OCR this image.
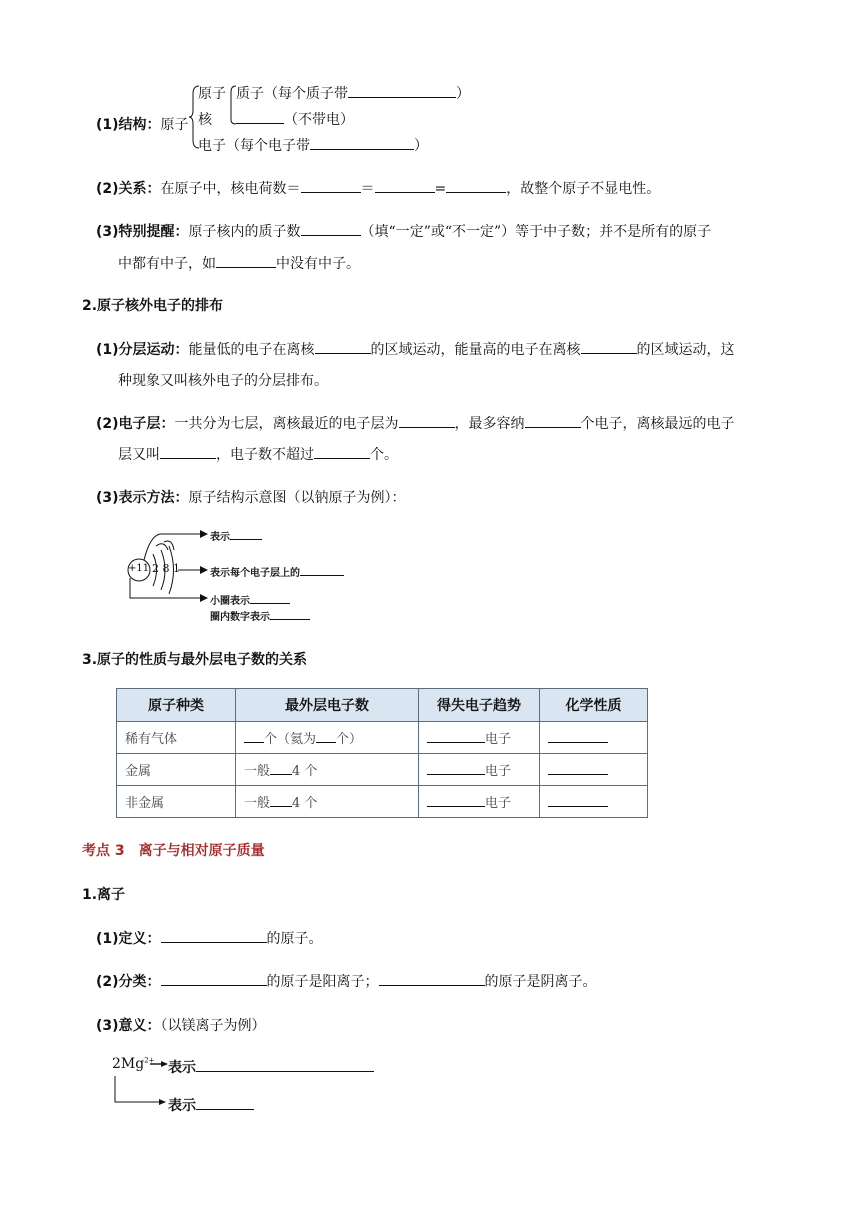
(1)结构：原子
原子
核
质子（每个质子带	）
（不带电）
电子（每个电子带	）
(2)关系：在原子中，核电荷数＝	＝	=	，故整个原子不显电性。
(3)特别提醒：原子核内的质子数	（填“一定”或“不一定”）等于中子数；并不是所有的原子
中都有中子，如	中没有中子。
2.原子核外电子的排布
(1)分层运动：能量低的电子在离核	的区域运动，能量高的电子在离核	的区域运动，这
种现象又叫核外电子的分层排布。
(2)电子层：一共分为七层，离核最近的电子层为	，最多容纳	个电子，离核最远的电子
层又叫	，电子数不超过	个。
(3)表示方法：原子结构示意图（以钠原子为例）：
+11 2 8 1
表示
表示每个电子层上的
小圈表示
圈内数字表示
3.原子的性质与最外层电子数的关系
原子种类	最外层电子数	得失电子趋势	化学性质
稀有气体	个（氦为 个）	电子	
金属	一般 4 个	电子	
非金属	一般 4 个	电子	
考点 3　离子与相对原子质量
1.离子
(1)定义：	的原子。
(2)分类：	的原子是阳离子；	的原子是阴离子。
(3)意义：（以镁离子为例）
$2Mg^{2+}$ 表示
表示
